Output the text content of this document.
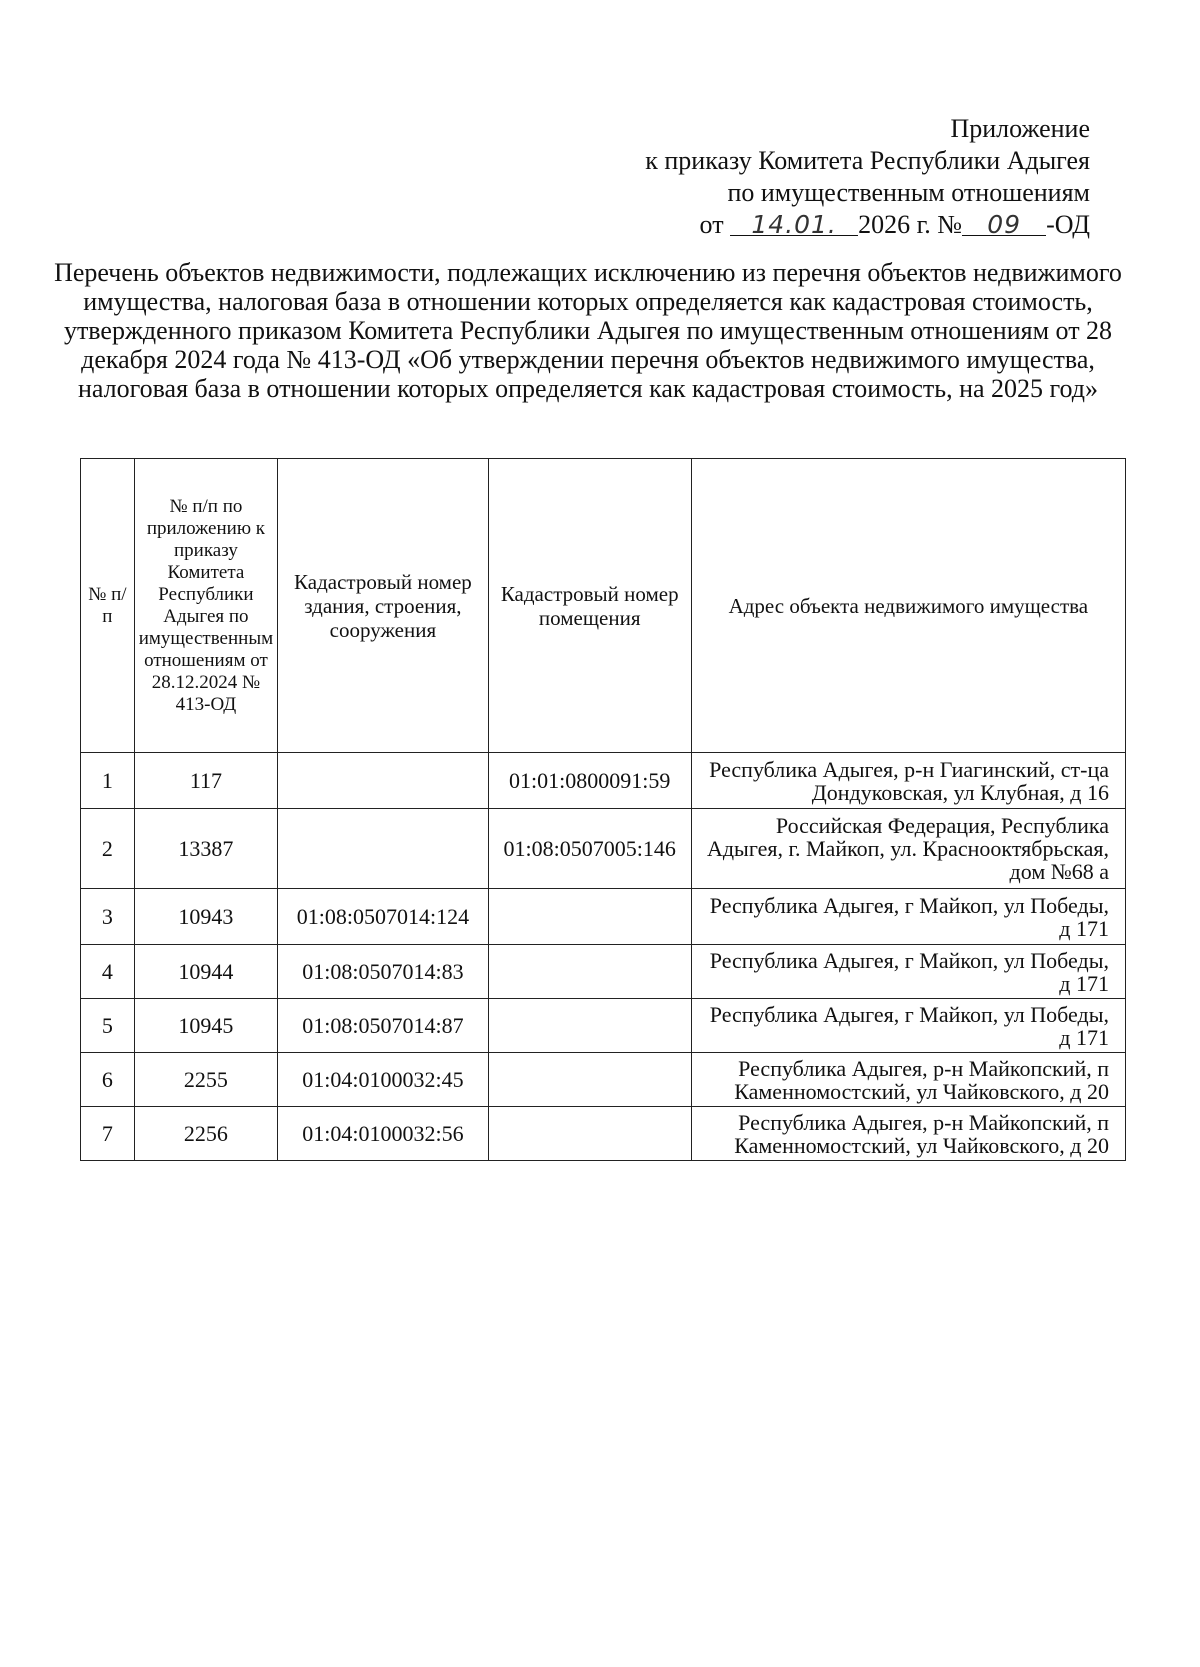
Приложение
к приказу Комитета Республики Адыгея
по имущественным отношениям
от 14.01. 2026 г. № 09 -ОД
Перечень объектов недвижимости, подлежащих исключению из перечня объектов недвижимого имущества, налоговая база в отношении которых определяется как кадастровая стоимость, утвержденного приказом Комитета Республики Адыгея по имущественным отношениям от 28 декабря 2024 года № 413-ОД «Об утверждении перечня объектов недвижимого имущества, налоговая база в отношении которых определяется как кадастровая стоимость, на 2025 год»
№ п/п	№ п/п по приложению к приказу Комитета Республики Адыгея по имущественным отношениям от 28.12.2024 № 413-ОД	Кадастровый номер здания, строения, сооружения	Кадастровый номер помещения	Адрес объекта недвижимого имущества
1	117		01:01:0800091:59	Республика Адыгея, р-н Гиагинский, ст-ца Дондуковская, ул Клубная, д 16
2	13387		01:08:0507005:146	Российская Федерация, Республика Адыгея, г. Майкоп, ул. Краснооктябрьская, дом №68 а
3	10943	01:08:0507014:124		Республика Адыгея, г Майкоп, ул Победы, д 171
4	10944	01:08:0507014:83		Республика Адыгея, г Майкоп, ул Победы, д 171
5	10945	01:08:0507014:87		Республика Адыгея, г Майкоп, ул Победы, д 171
6	2255	01:04:0100032:45		Республика Адыгея, р-н Майкопский, п Каменномостский, ул Чайковского, д 20
7	2256	01:04:0100032:56		Республика Адыгея, р-н Майкопский, п Каменномостский, ул Чайковского, д 20
